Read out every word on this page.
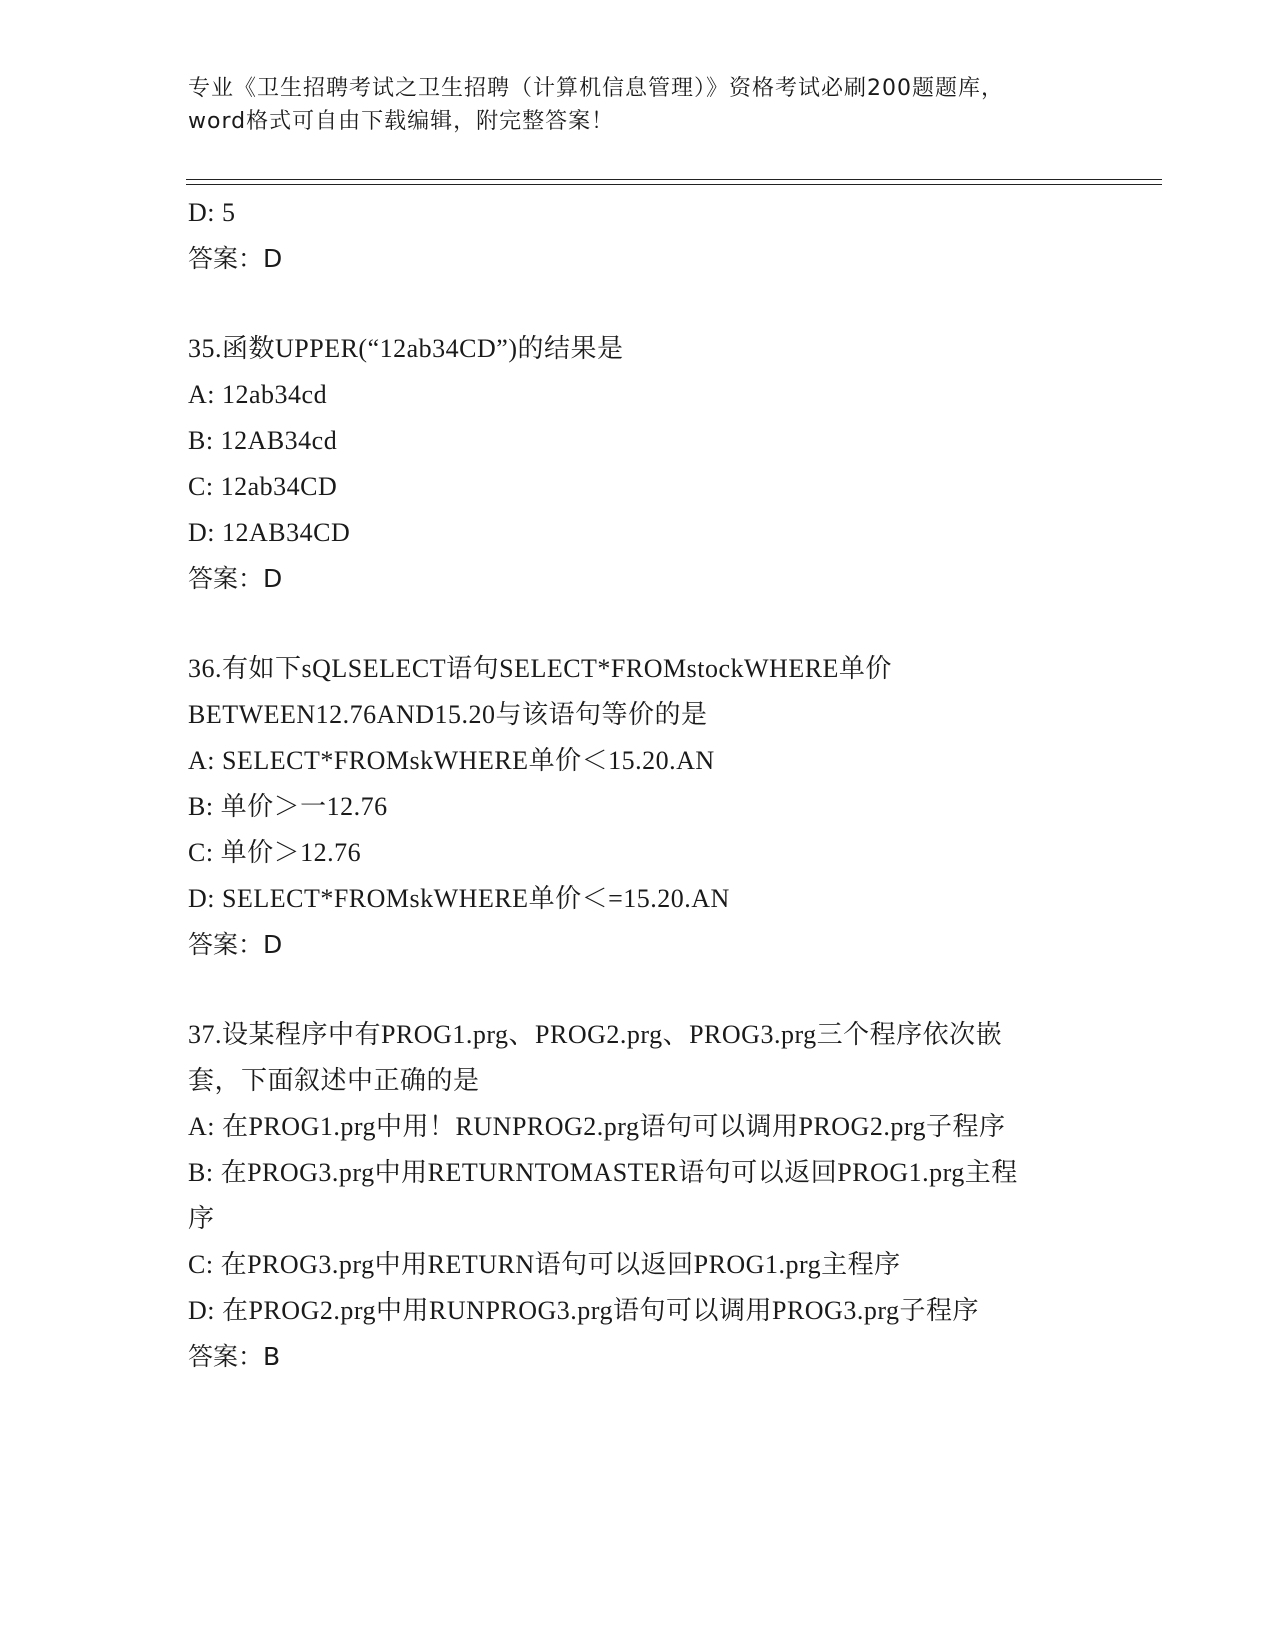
专业《卫生招聘考试之卫生招聘（计算机信息管理）》资格考试必刷200题题库，
word格式可自由下载编辑，附完整答案！
D: 5
答案：D
35.函数UPPER(“12ab34CD”)的结果是
A: 12ab34cd
B: 12AB34cd
C: 12ab34CD
D: 12AB34CD
答案：D
36.有如下sQLSELECT语句SELECT*FROMstockWHERE单价
BETWEEN12.76AND15.20与该语句等价的是
A: SELECT*FROMskWHERE单价＜15.20.AN
B: 单价＞一12.76
C: 单价＞12.76
D: SELECT*FROMskWHERE单价＜=15.20.AN
答案：D
37.设某程序中有PROG1.prg、PROG2.prg、PROG3.prg三个程序依次嵌
套，下面叙述中正确的是
A: 在PROG1.prg中用！RUNPROG2.prg语句可以调用PROG2.prg子程序
B: 在PROG3.prg中用RETURNTOMASTER语句可以返回PROG1.prg主程
序
C: 在PROG3.prg中用RETURN语句可以返回PROG1.prg主程序
D: 在PROG2.prg中用RUNPROG3.prg语句可以调用PROG3.prg子程序
答案：B
